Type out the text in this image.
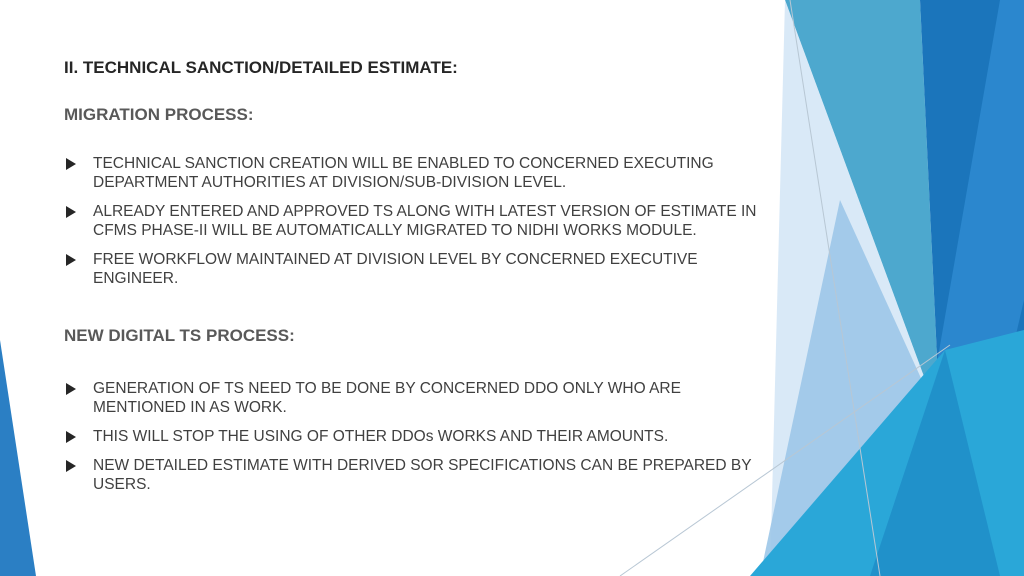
II. TECHNICAL SANCTION/DETAILED ESTIMATE:
MIGRATION PROCESS:
TECHNICAL SANCTION CREATION WILL BE ENABLED TO CONCERNED EXECUTING DEPARTMENT AUTHORITIES AT DIVISION/SUB-DIVISION LEVEL.
ALREADY ENTERED AND APPROVED TS ALONG WITH LATEST VERSION OF ESTIMATE IN CFMS PHASE-II WILL BE AUTOMATICALLY MIGRATED TO NIDHI WORKS MODULE.
FREE WORKFLOW MAINTAINED AT DIVISION LEVEL BY CONCERNED EXECUTIVE ENGINEER.
NEW DIGITAL TS PROCESS:
GENERATION OF TS NEED TO BE DONE BY CONCERNED DDO ONLY WHO ARE MENTIONED IN AS WORK.
THIS WILL STOP THE USING OF OTHER DDOs WORKS AND THEIR AMOUNTS.
NEW DETAILED ESTIMATE WITH DERIVED SOR SPECIFICATIONS CAN BE PREPARED BY USERS.
